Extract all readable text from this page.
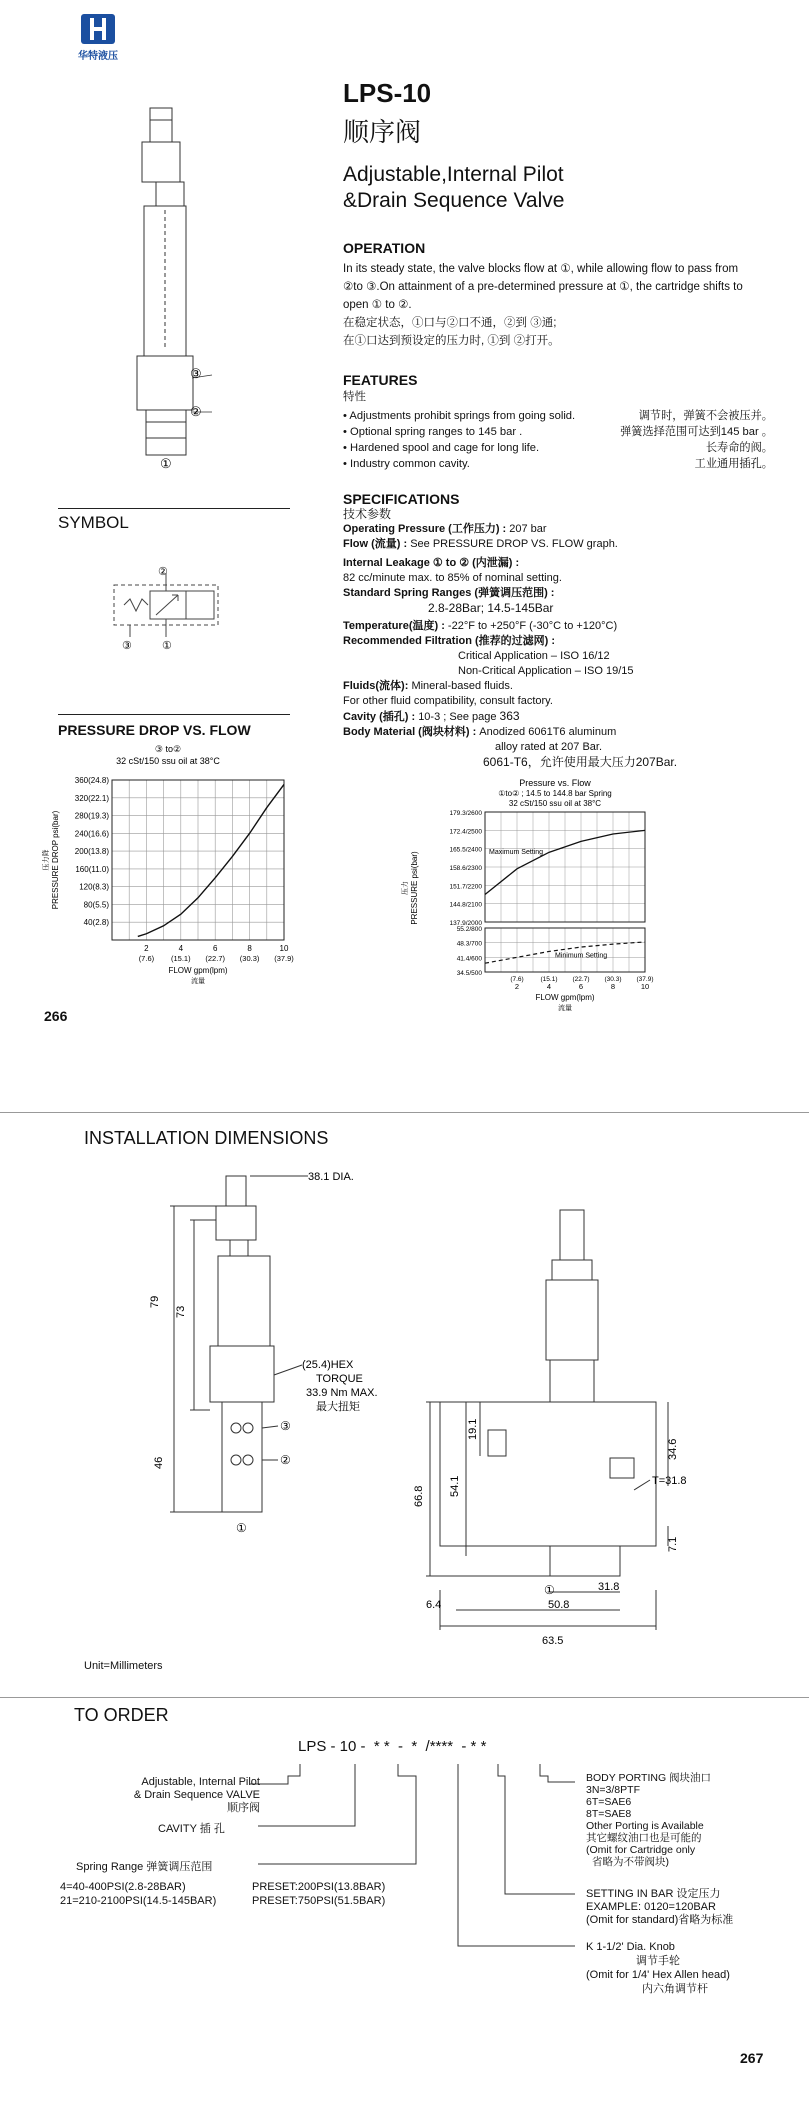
华特液压
LPS-10
顺序阀
Adjustable,Internal Pilot
&Drain Sequence Valve
③
②
①
OPERATION
In its steady state, the valve blocks flow at ①, while allowing flow to pass from
②to ③.On attainment of a pre-determined pressure at ①, the cartridge shifts to
open ① to ②.
在稳定状态，①口与②口不通，②到 ③通;
在①口达到预设定的压力时, ①到 ②打开。
FEATURES
特性
• Adjustments prohibit springs from going solid.	调节时，弹簧不会被压并。
• Optional spring ranges to 145 bar .	弹簧选择范围可达到145 bar 。
• Hardened spool and cage for long life.	长寿命的阀。
• Industry common cavity.	工业通用插孔。
SPECIFICATIONS
技术参数
Operating Pressure (工作压力) : 207 bar
Flow (流量) : See PRESSURE DROP VS. FLOW graph.
Internal Leakage ① to ② (内泄漏) :
82 cc/minute max. to 85% of nominal setting.
Standard Spring Ranges (弹簧调压范围) :
2.8-28Bar; 14.5-145Bar
Temperature(温度) : -22°F to +250°F (-30°C to +120°C)
Recommended Filtration (推荐的过滤网) :
Critical Application – ISO 16/12
Non-Critical Application – ISO 19/15
Fluids(流体): Mineral-based fluids.
For other fluid compatibility, consult factory.
Cavity (插孔) : 10-3 ; See page 363
Body Material (阀块材料) : Anodized 6061T6 aluminum
alloy rated at 207 Bar.
6061-T6，允许使用最大压力207Bar.
SYMBOL
②
③	①
PRESSURE DROP VS. FLOW
③ to②
32 cSt/150 ssu oil at 38°C
40(2.8)
80(5.5)
120(8.3)
160(11.0)
200(13.8)
240(16.6)
280(19.3)
320(22.1)
360(24.8)
2
(7.6)
4
(15.1)
6
(22.7)
8
(30.3)
10
(37.9)
FLOW gpm(lpm)
流量
PRESSURE DROP psi(bar)
压力降
266
Pressure vs. Flow
①to② ; 14.5 to 144.8 bar Spring
32 cSt/150 ssu oil at 38°C
137.9/2000
144.8/2100
151.7/2200
158.6/2300
165.5/2400
172.4/2500
179.3/2600
34.5/500
41.4/600
48.3/700
55.2/800
2
(7.6)
4
(15.1)
6
(22.7)
8
(30.3)
10
(37.9)
FLOW gpm(lpm)
流量
PRESSURE psi(bar)
压力
Maximum Setting
Minimum Setting
INSTALLATION DIMENSIONS
38.1 DIA.
(25.4)HEX
TORQUE
33.9 Nm MAX.
最大扭矩
79
73
46
③
②
①
66.8 54.1
19.1
34.6
T=31.8
7.1
31.8
6.4	50.8
63.5
①
Unit=Millimeters
TO ORDER
LPS - 10 -  * *  -  *  /****  - * *
Adjustable, Internal Pilot
& Drain Sequence VALVE
顺序阀
CAVITY 插 孔
Spring Range 弹簧调压范围
4=40-400PSI(2.8-28BAR)
21=210-2100PSI(14.5-145BAR)
PRESET:200PSI(13.8BAR)
PRESET:750PSI(51.5BAR)
BODY PORTING 阀块油口
3N=3/8PTF
6T=SAE6
8T=SAE8
Other Porting is Available
其它螺纹油口也是可能的
(Omit for Cartridge only
省略为不带阀块)
SETTING IN BAR 设定压力
EXAMPLE: 0120=120BAR
(Omit for standard)省略为标准
K 1-1/2' Dia. Knob
调节手轮
(Omit for 1/4' Hex Allen head)
内六角调节杆
267
